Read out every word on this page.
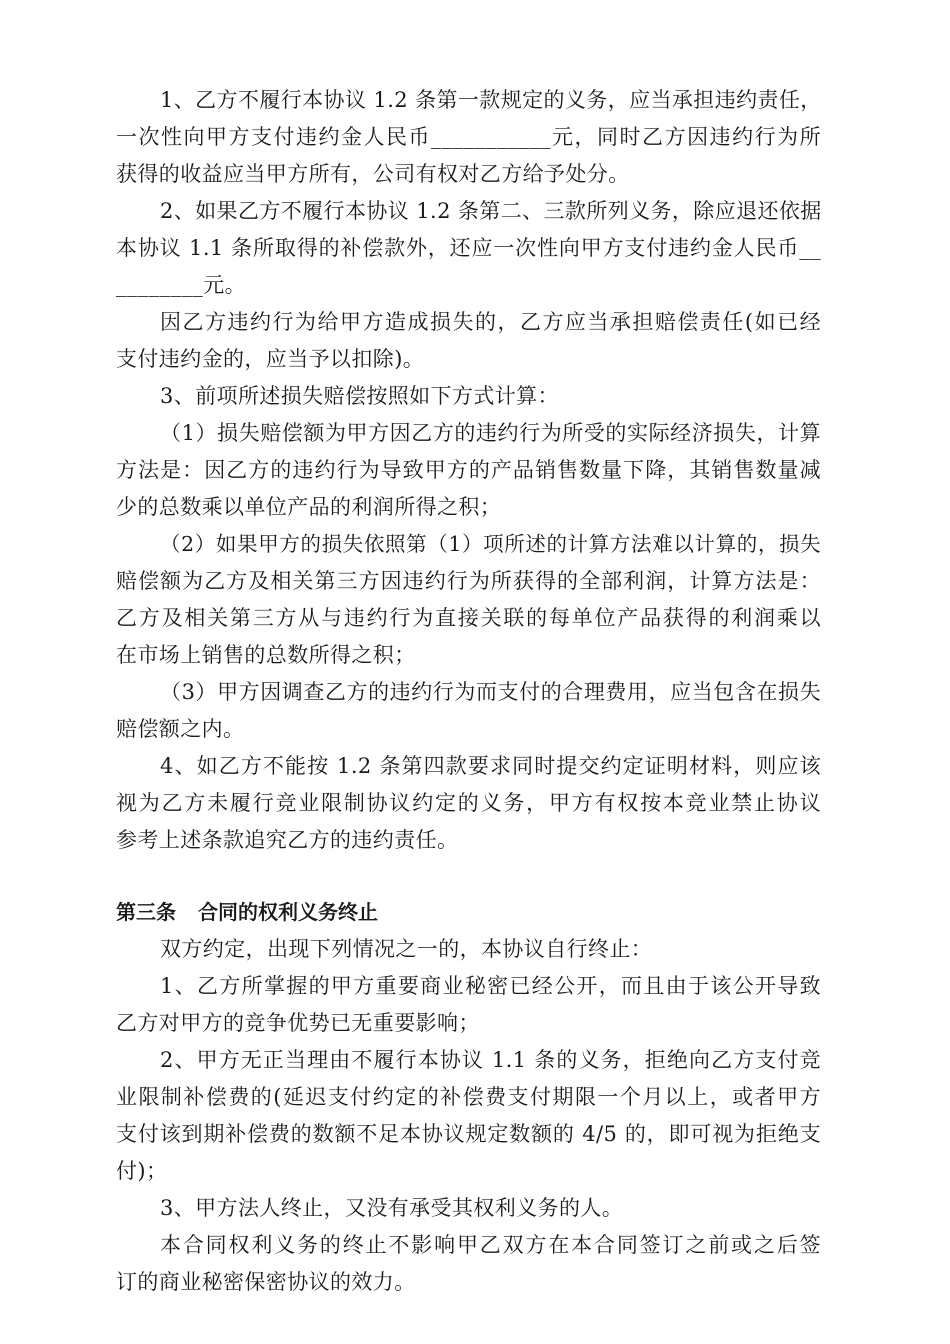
1、乙方不履行本协议 1.2 条第一款规定的义务，应当承担违约责任，
一次性向甲方支付违约金人民币___________元，同时乙方因违约行为所
获得的收益应当甲方所有，公司有权对乙方给予处分。
2、如果乙方不履行本协议 1.2 条第二、三款所列义务，除应退还依据
本协议 1.1 条所取得的补偿款外，还应一次性向甲方支付违约金人民币__
________元。
因乙方违约行为给甲方造成损失的，乙方应当承担赔偿责任(如已经
支付违约金的，应当予以扣除)。
3、前项所述损失赔偿按照如下方式计算：
（1）损失赔偿额为甲方因乙方的违约行为所受的实际经济损失，计算
方法是：因乙方的违约行为导致甲方的产品销售数量下降，其销售数量减
少的总数乘以单位产品的利润所得之积；
（2）如果甲方的损失依照第（1）项所述的计算方法难以计算的，损失
赔偿额为乙方及相关第三方因违约行为所获得的全部利润，计算方法是：
乙方及相关第三方从与违约行为直接关联的每单位产品获得的利润乘以
在市场上销售的总数所得之积；
（3）甲方因调查乙方的违约行为而支付的合理费用，应当包含在损失
赔偿额之内。
4、如乙方不能按 1.2 条第四款要求同时提交约定证明材料，则应该
视为乙方未履行竞业限制协议约定的义务，甲方有权按本竞业禁止协议
参考上述条款追究乙方的违约责任。
第三条 合同的权利义务终止
双方约定，出现下列情况之一的，本协议自行终止：
1、乙方所掌握的甲方重要商业秘密已经公开，而且由于该公开导致
乙方对甲方的竞争优势已无重要影响；
2、甲方无正当理由不履行本协议 1.1 条的义务，拒绝向乙方支付竞
业限制补偿费的(延迟支付约定的补偿费支付期限一个月以上，或者甲方
支付该到期补偿费的数额不足本协议规定数额的 4/5 的，即可视为拒绝支
付)；
3、甲方法人终止，又没有承受其权利义务的人。
本合同权利义务的终止不影响甲乙双方在本合同签订之前或之后签
订的商业秘密保密协议的效力。
